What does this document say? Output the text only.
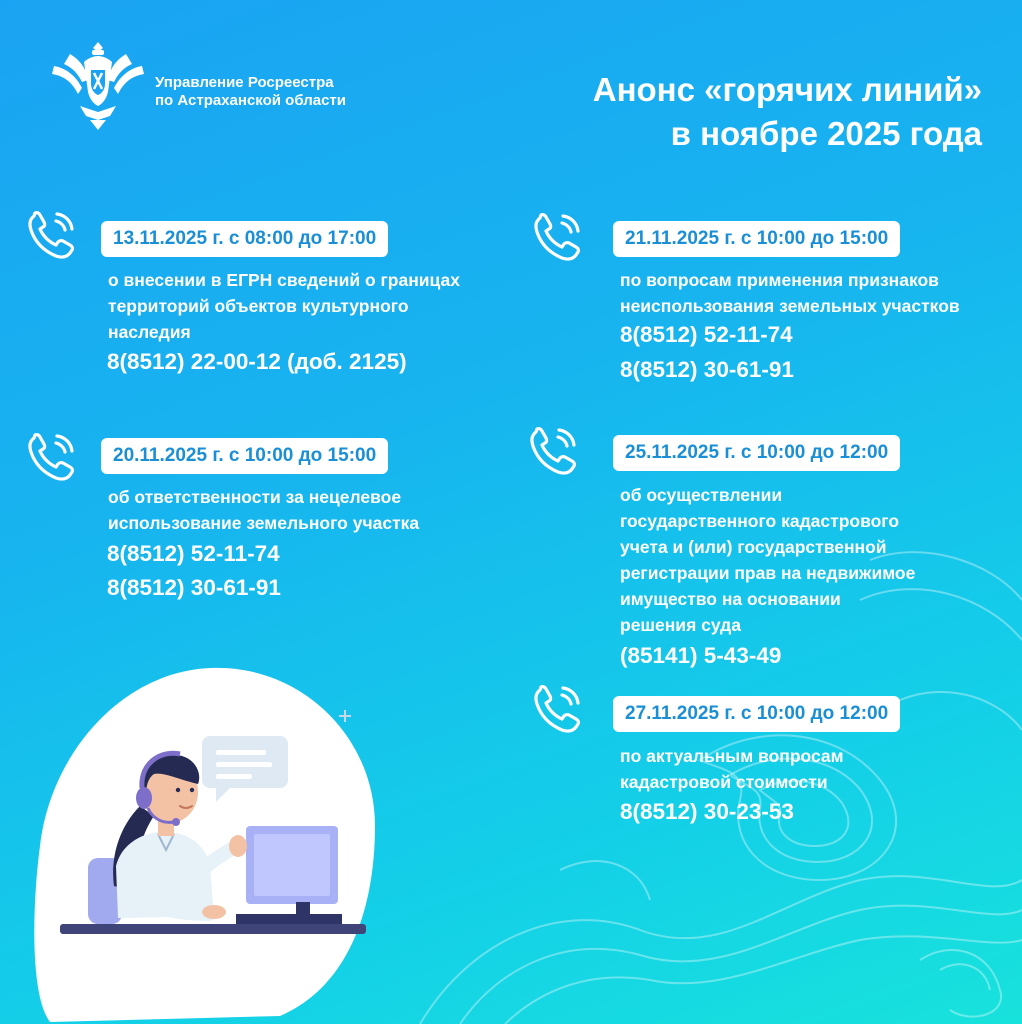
Управление Росреестра
по Астраханской области	Анонс «горячих линий»
в ноябре 2025 года
13.11.2025 г. с 08:00 до 17:00
о внесении в ЕГРН сведений о границах
территорий объектов культурного
наследия
8(8512) 22-00-12 (доб. 2125)
20.11.2025 г. с 10:00 до 15:00
об ответственности за нецелевое
использование земельного участка
8(8512) 52-11-74
8(8512) 30-61-91
21.11.2025 г. с 10:00 до 15:00
по вопросам применения признаков
неиспользования земельных участков
8(8512) 52-11-74
8(8512) 30-61-91
25.11.2025 г. с 10:00 до 12:00
об осуществлении
государственного кадастрового
учета и (или) государственной
регистрации прав на недвижимое
имущество на основании
решения суда
(85141) 5-43-49
27.11.2025 г. с 10:00 до 12:00
по актуальным вопросам
кадастровой стоимости
8(8512) 30-23-53
